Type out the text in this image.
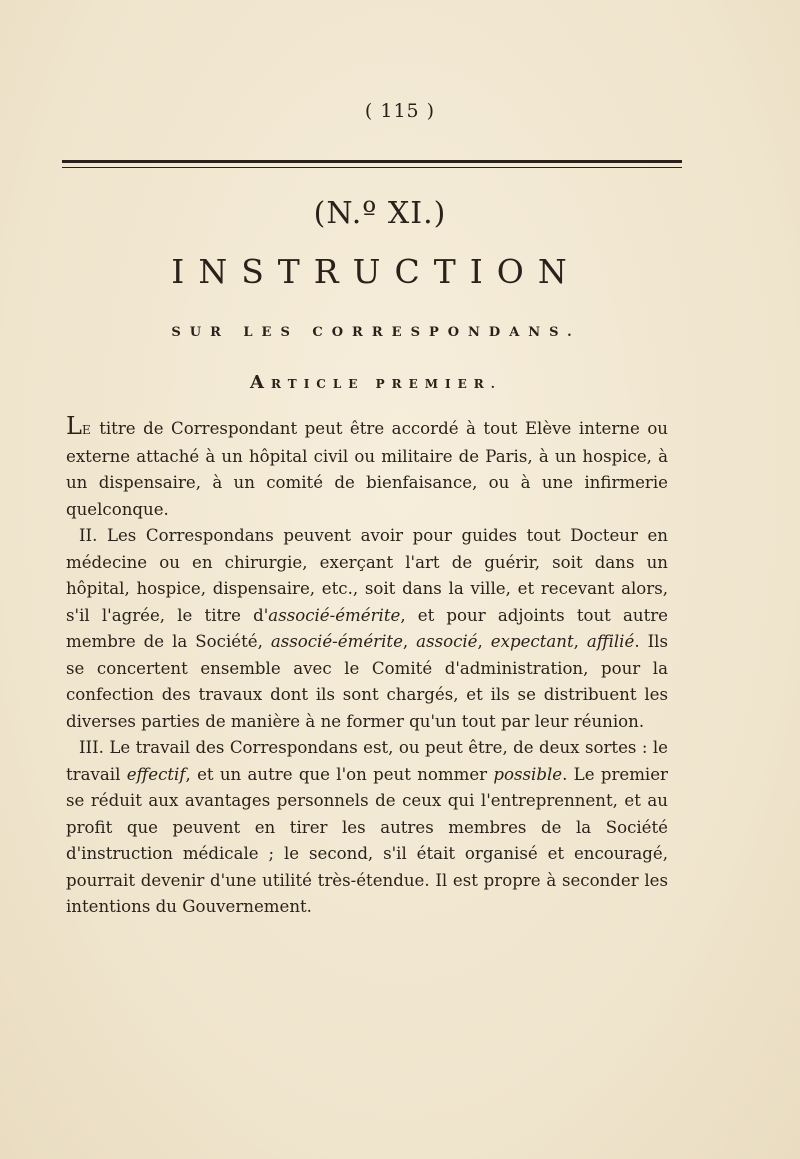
( 115 )
(N.º XI.)
INSTRUCTION
SUR LES CORRESPONDANS.
ARTICLE PREMIER.

LE titre de Correspondant peut être accordé à tout Elève interne ou externe attaché à un hôpital civil ou militaire de Paris, à un hospice, à un dispensaire, à un comité de bienfaisance, ou à une infirmerie quelconque.

II. Les Correspondans peuvent avoir pour guides tout Docteur en médecine ou en chirurgie, exerçant l'art de guérir, soit dans un hôpital, hospice, dispensaire, etc., soit dans la ville, et recevant alors, s'il l'agrée, le titre d'associé-émérite, et pour adjoints tout autre membre de la Société, associé-émérite, associé, expectant, affilié. Ils se concertent ensemble avec le Comité d'administration, pour la confection des travaux dont ils sont chargés, et ils se distribuent les diverses parties de manière à ne former qu'un tout par leur réunion.

III. Le travail des Correspondans est, ou peut être, de deux sortes : le travail effectif, et un autre que l'on peut nommer possible. Le premier se réduit aux avantages personnels de ceux qui l'entreprennent, et au profit que peuvent en tirer les autres membres de la Société d'instruction médicale ; le second, s'il était organisé et encouragé, pourrait devenir d'une utilité très-étendue. Il est propre à seconder les intentions du Gouvernement.
